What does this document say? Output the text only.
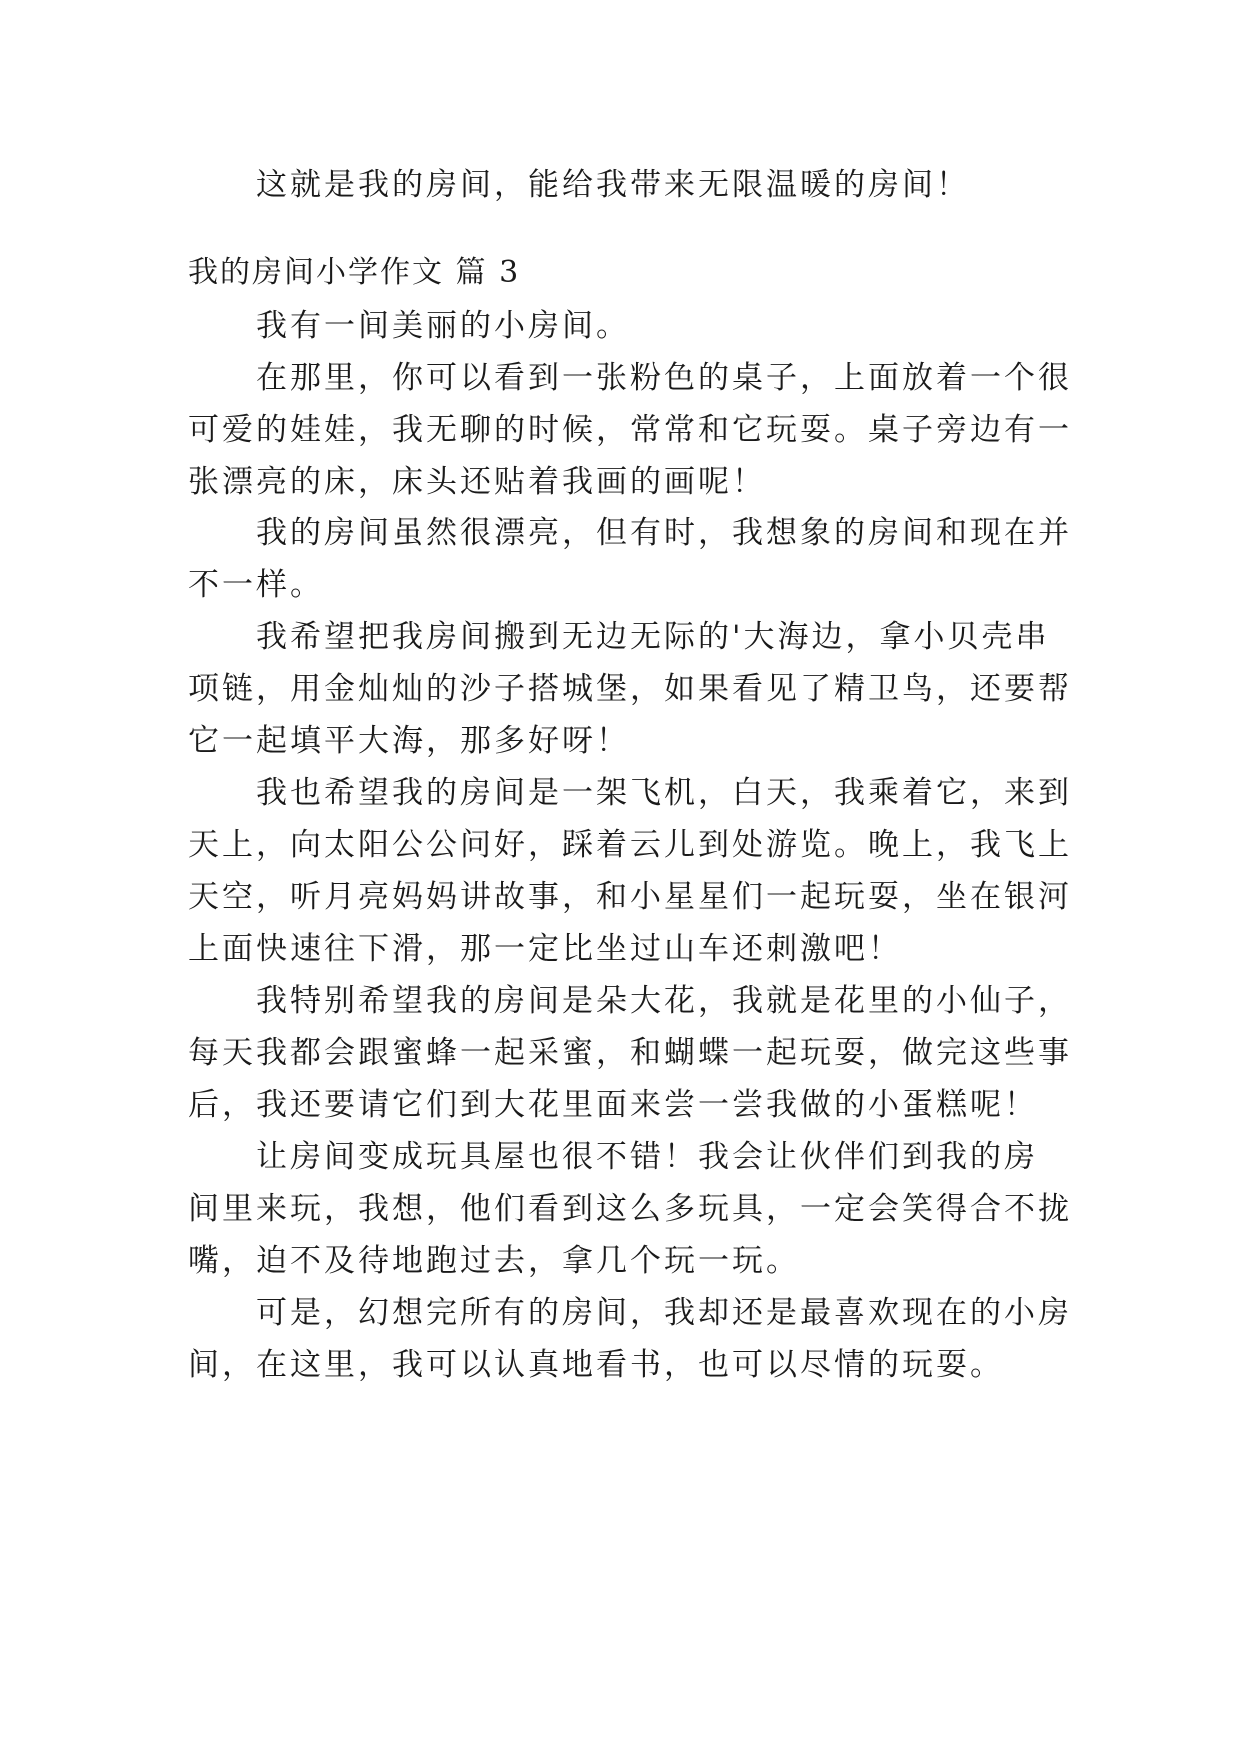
这就是我的房间，能给我带来无限温暖的房间！
我的房间小学作文 篇 3
我有一间美丽的小房间。
在那里，你可以看到一张粉色的桌子，上面放着一个很
可爱的娃娃，我无聊的时候，常常和它玩耍。桌子旁边有一
张漂亮的床，床头还贴着我画的画呢！
我的房间虽然很漂亮，但有时，我想象的房间和现在并
不一样。
我希望把我房间搬到无边无际的'大海边，拿小贝壳串
项链，用金灿灿的沙子搭城堡，如果看见了精卫鸟，还要帮
它一起填平大海，那多好呀！
我也希望我的房间是一架飞机，白天，我乘着它，来到
天上，向太阳公公问好，踩着云儿到处游览。晚上，我飞上
天空，听月亮妈妈讲故事，和小星星们一起玩耍，坐在银河
上面快速往下滑，那一定比坐过山车还刺激吧！
我特别希望我的房间是朵大花，我就是花里的小仙子，
每天我都会跟蜜蜂一起采蜜，和蝴蝶一起玩耍，做完这些事
后，我还要请它们到大花里面来尝一尝我做的小蛋糕呢！
让房间变成玩具屋也很不错！我会让伙伴们到我的房
间里来玩，我想，他们看到这么多玩具，一定会笑得合不拢
嘴，迫不及待地跑过去，拿几个玩一玩。
可是，幻想完所有的房间，我却还是最喜欢现在的小房
间，在这里，我可以认真地看书，也可以尽情的玩耍。
